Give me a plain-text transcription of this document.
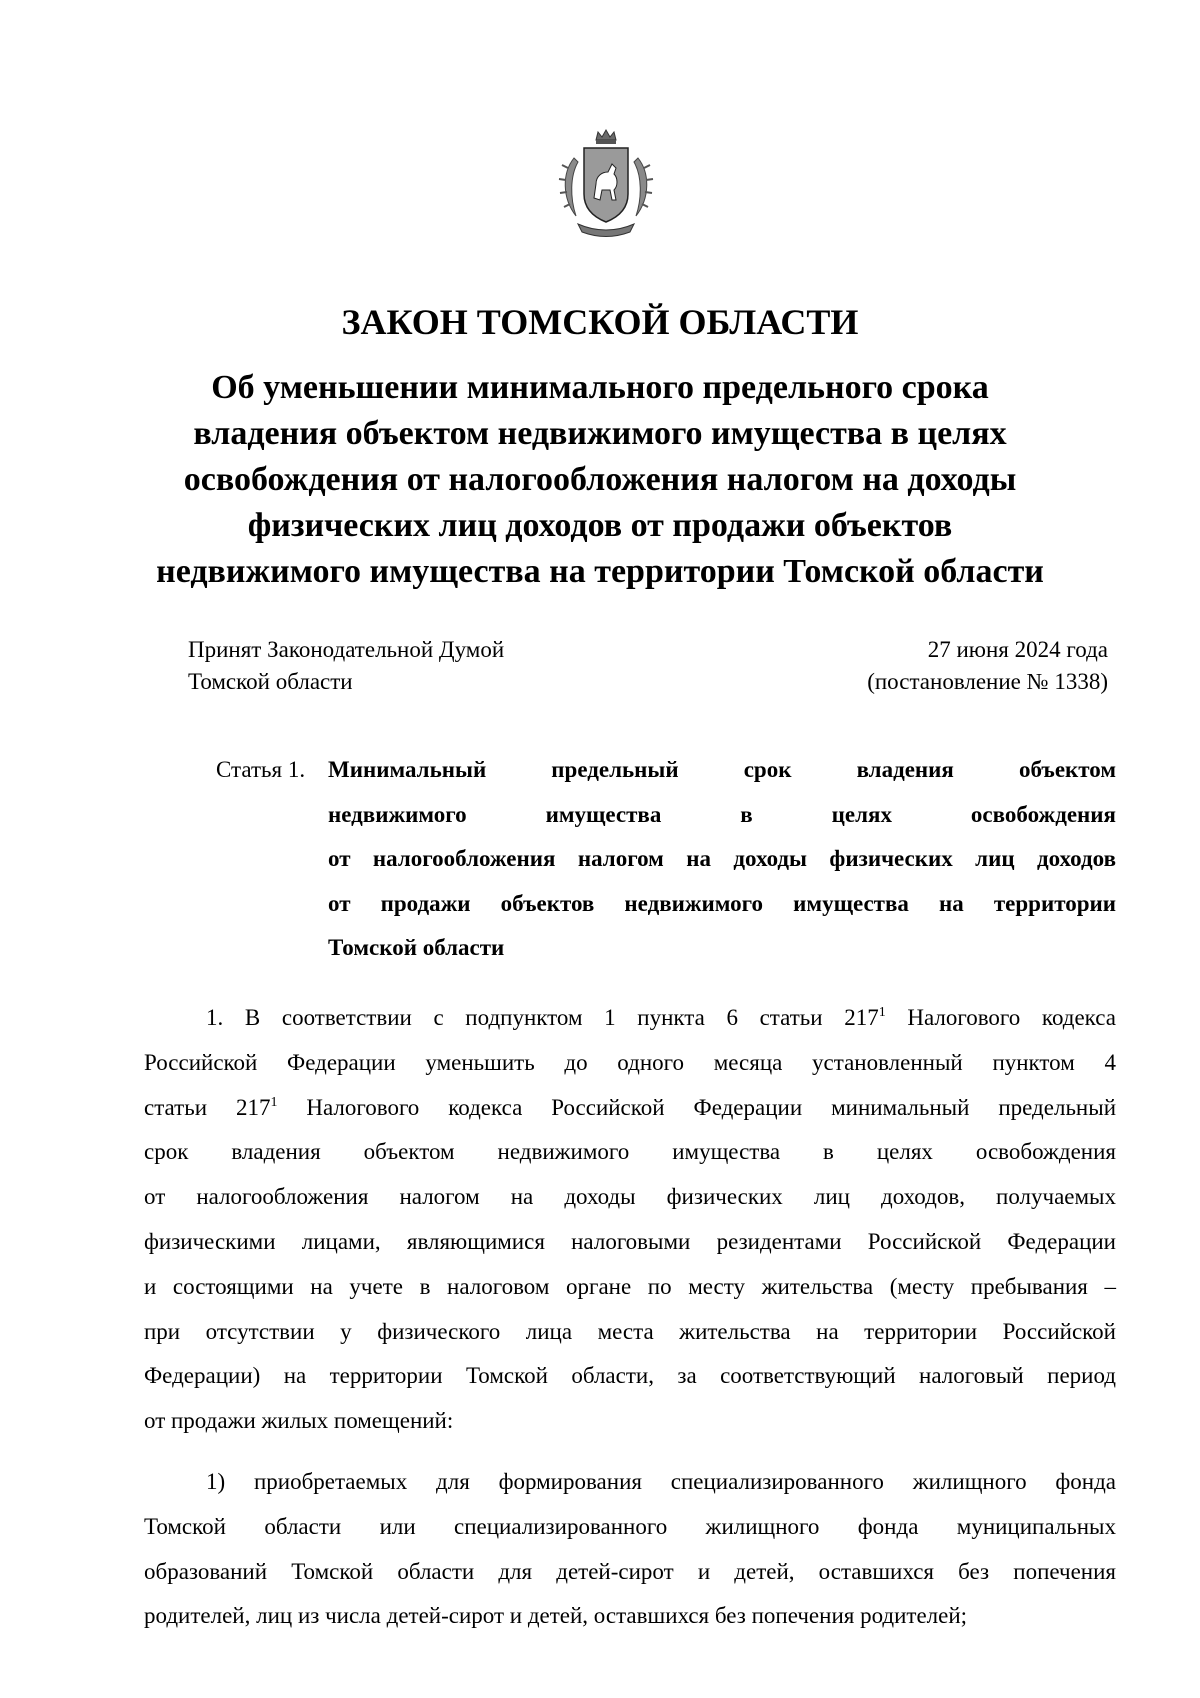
ЗАКОН ТОМСКОЙ ОБЛАСТИ
Об уменьшении минимального предельного срока
владения объектом недвижимого имущества в целях
освобождения от налогообложения налогом на доходы
физических лиц доходов от продажи объектов
недвижимого имущества на территории Томской области
Принят Законодательной Думой
Томской области
27 июня 2024 года
(постановление № 1338)
Статья 1. Минимальный предельный срок владения объектом
недвижимого имущества в целях освобождения
от налогообложения налогом на доходы физических лиц доходов
от продажи объектов недвижимого имущества на территории
Томской области
1. В соответствии с подпунктом 1 пункта 6 статьи $217^1$ Налогового кодекса
Российской Федерации уменьшить до одного месяца установленный пунктом 4
статьи $217^1$ Налогового кодекса Российской Федерации минимальный предельный
срок владения объектом недвижимого имущества в целях освобождения
от налогообложения налогом на доходы физических лиц доходов, получаемых
физическими лицами, являющимися налоговыми резидентами Российской Федерации
и состоящими на учете в налоговом органе по месту жительства (месту пребывания –
при отсутствии у физического лица места жительства на территории Российской
Федерации) на территории Томской области, за соответствующий налоговый период
от продажи жилых помещений:
1) приобретаемых для формирования специализированного жилищного фонда
Томской области или специализированного жилищного фонда муниципальных
образований Томской области для детей-сирот и детей, оставшихся без попечения
родителей, лиц из числа детей-сирот и детей, оставшихся без попечения родителей;
